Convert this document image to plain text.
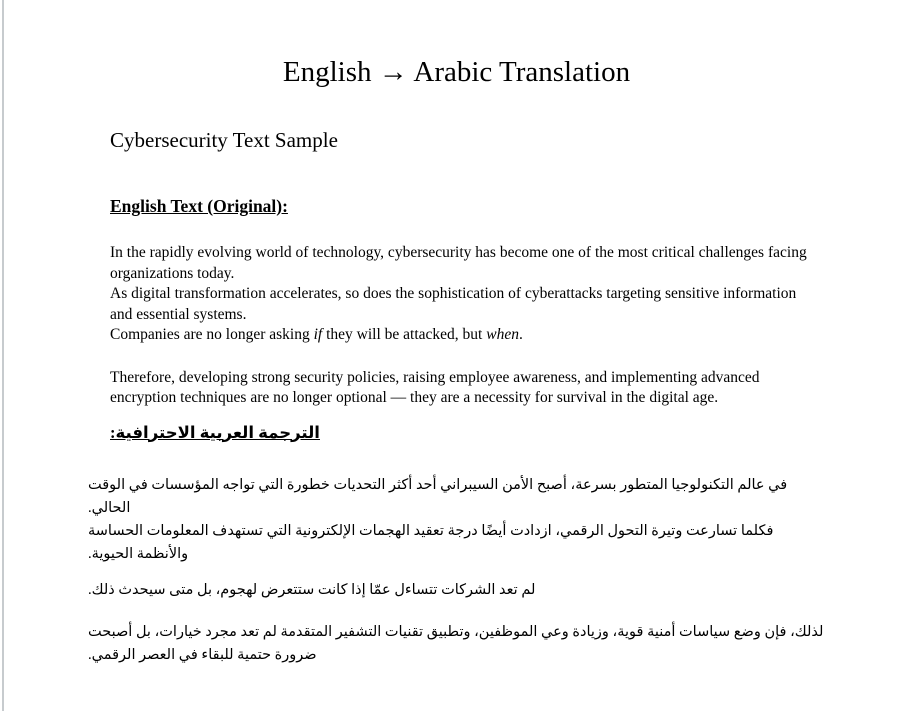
English → Arabic Translation
Cybersecurity Text Sample
English Text (Original):
In the rapidly evolving world of technology, cybersecurity has become one of the most critical challenges facing organizations today.
As digital transformation accelerates, so does the sophistication of cyberattacks targeting sensitive information and essential systems.
Companies are no longer asking if they will be attacked, but when.
Therefore, developing strong security policies, raising employee awareness, and implementing advanced encryption techniques are no longer optional — they are a necessity for survival in the digital age.
الترجمة العربية الاحترافية:
في عالم التكنولوجيا المتطور بسرعة، أصبح الأمن السيبراني أحد أكثر التحديات خطورة التي تواجه المؤسسات في الوقت الحالي.
فكلما تسارعت وتيرة التحول الرقمي، ازدادت أيضًا درجة تعقيد الهجمات الإلكترونية التي تستهدف المعلومات الحساسة والأنظمة الحيوية.
لم تعد الشركات تتساءل عمّا إذا كانت ستتعرض لهجوم، بل متى سيحدث ذلك.
لذلك، فإن وضع سياسات أمنية قوية، وزيادة وعي الموظفين، وتطبيق تقنيات التشفير المتقدمة لم تعد مجرد خيارات، بل أصبحت ضرورة حتمية للبقاء في العصر الرقمي.
